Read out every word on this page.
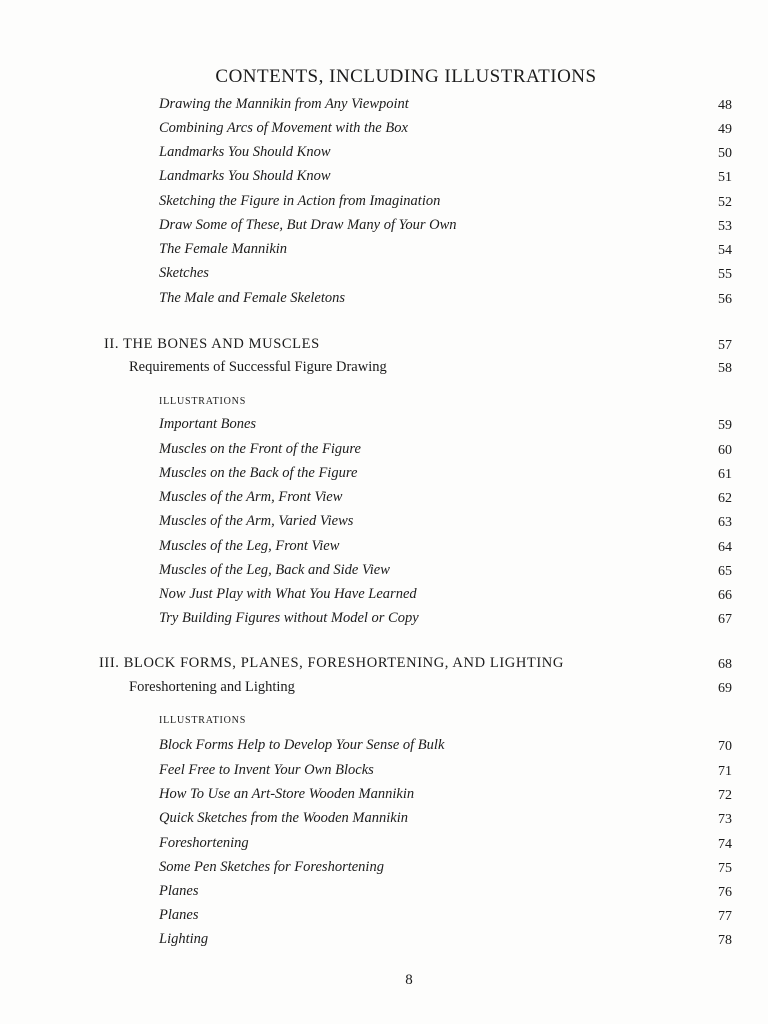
CONTENTS, INCLUDING ILLUSTRATIONS
Drawing the Mannikin from Any Viewpoint	48
Combining Arcs of Movement with the Box	49
Landmarks You Should Know	50
Landmarks You Should Know	51
Sketching the Figure in Action from Imagination	52
Draw Some of These, But Draw Many of Your Own	53
The Female Mannikin	54
Sketches	55
The Male and Female Skeletons	56
II. THE BONES AND MUSCLES	57
Requirements of Successful Figure Drawing	58
ILLUSTRATIONS
Important Bones	59
Muscles on the Front of the Figure	60
Muscles on the Back of the Figure	61
Muscles of the Arm, Front View	62
Muscles of the Arm, Varied Views	63
Muscles of the Leg, Front View	64
Muscles of the Leg, Back and Side View	65
Now Just Play with What You Have Learned	66
Try Building Figures without Model or Copy	67
III. BLOCK FORMS, PLANES, FORESHORTENING, AND LIGHTING	68
Foreshortening and Lighting	69
ILLUSTRATIONS
Block Forms Help to Develop Your Sense of Bulk	70
Feel Free to Invent Your Own Blocks	71
How To Use an Art-Store Wooden Mannikin	72
Quick Sketches from the Wooden Mannikin	73
Foreshortening	74
Some Pen Sketches for Foreshortening	75
Planes	76
Planes	77
Lighting	78
8
